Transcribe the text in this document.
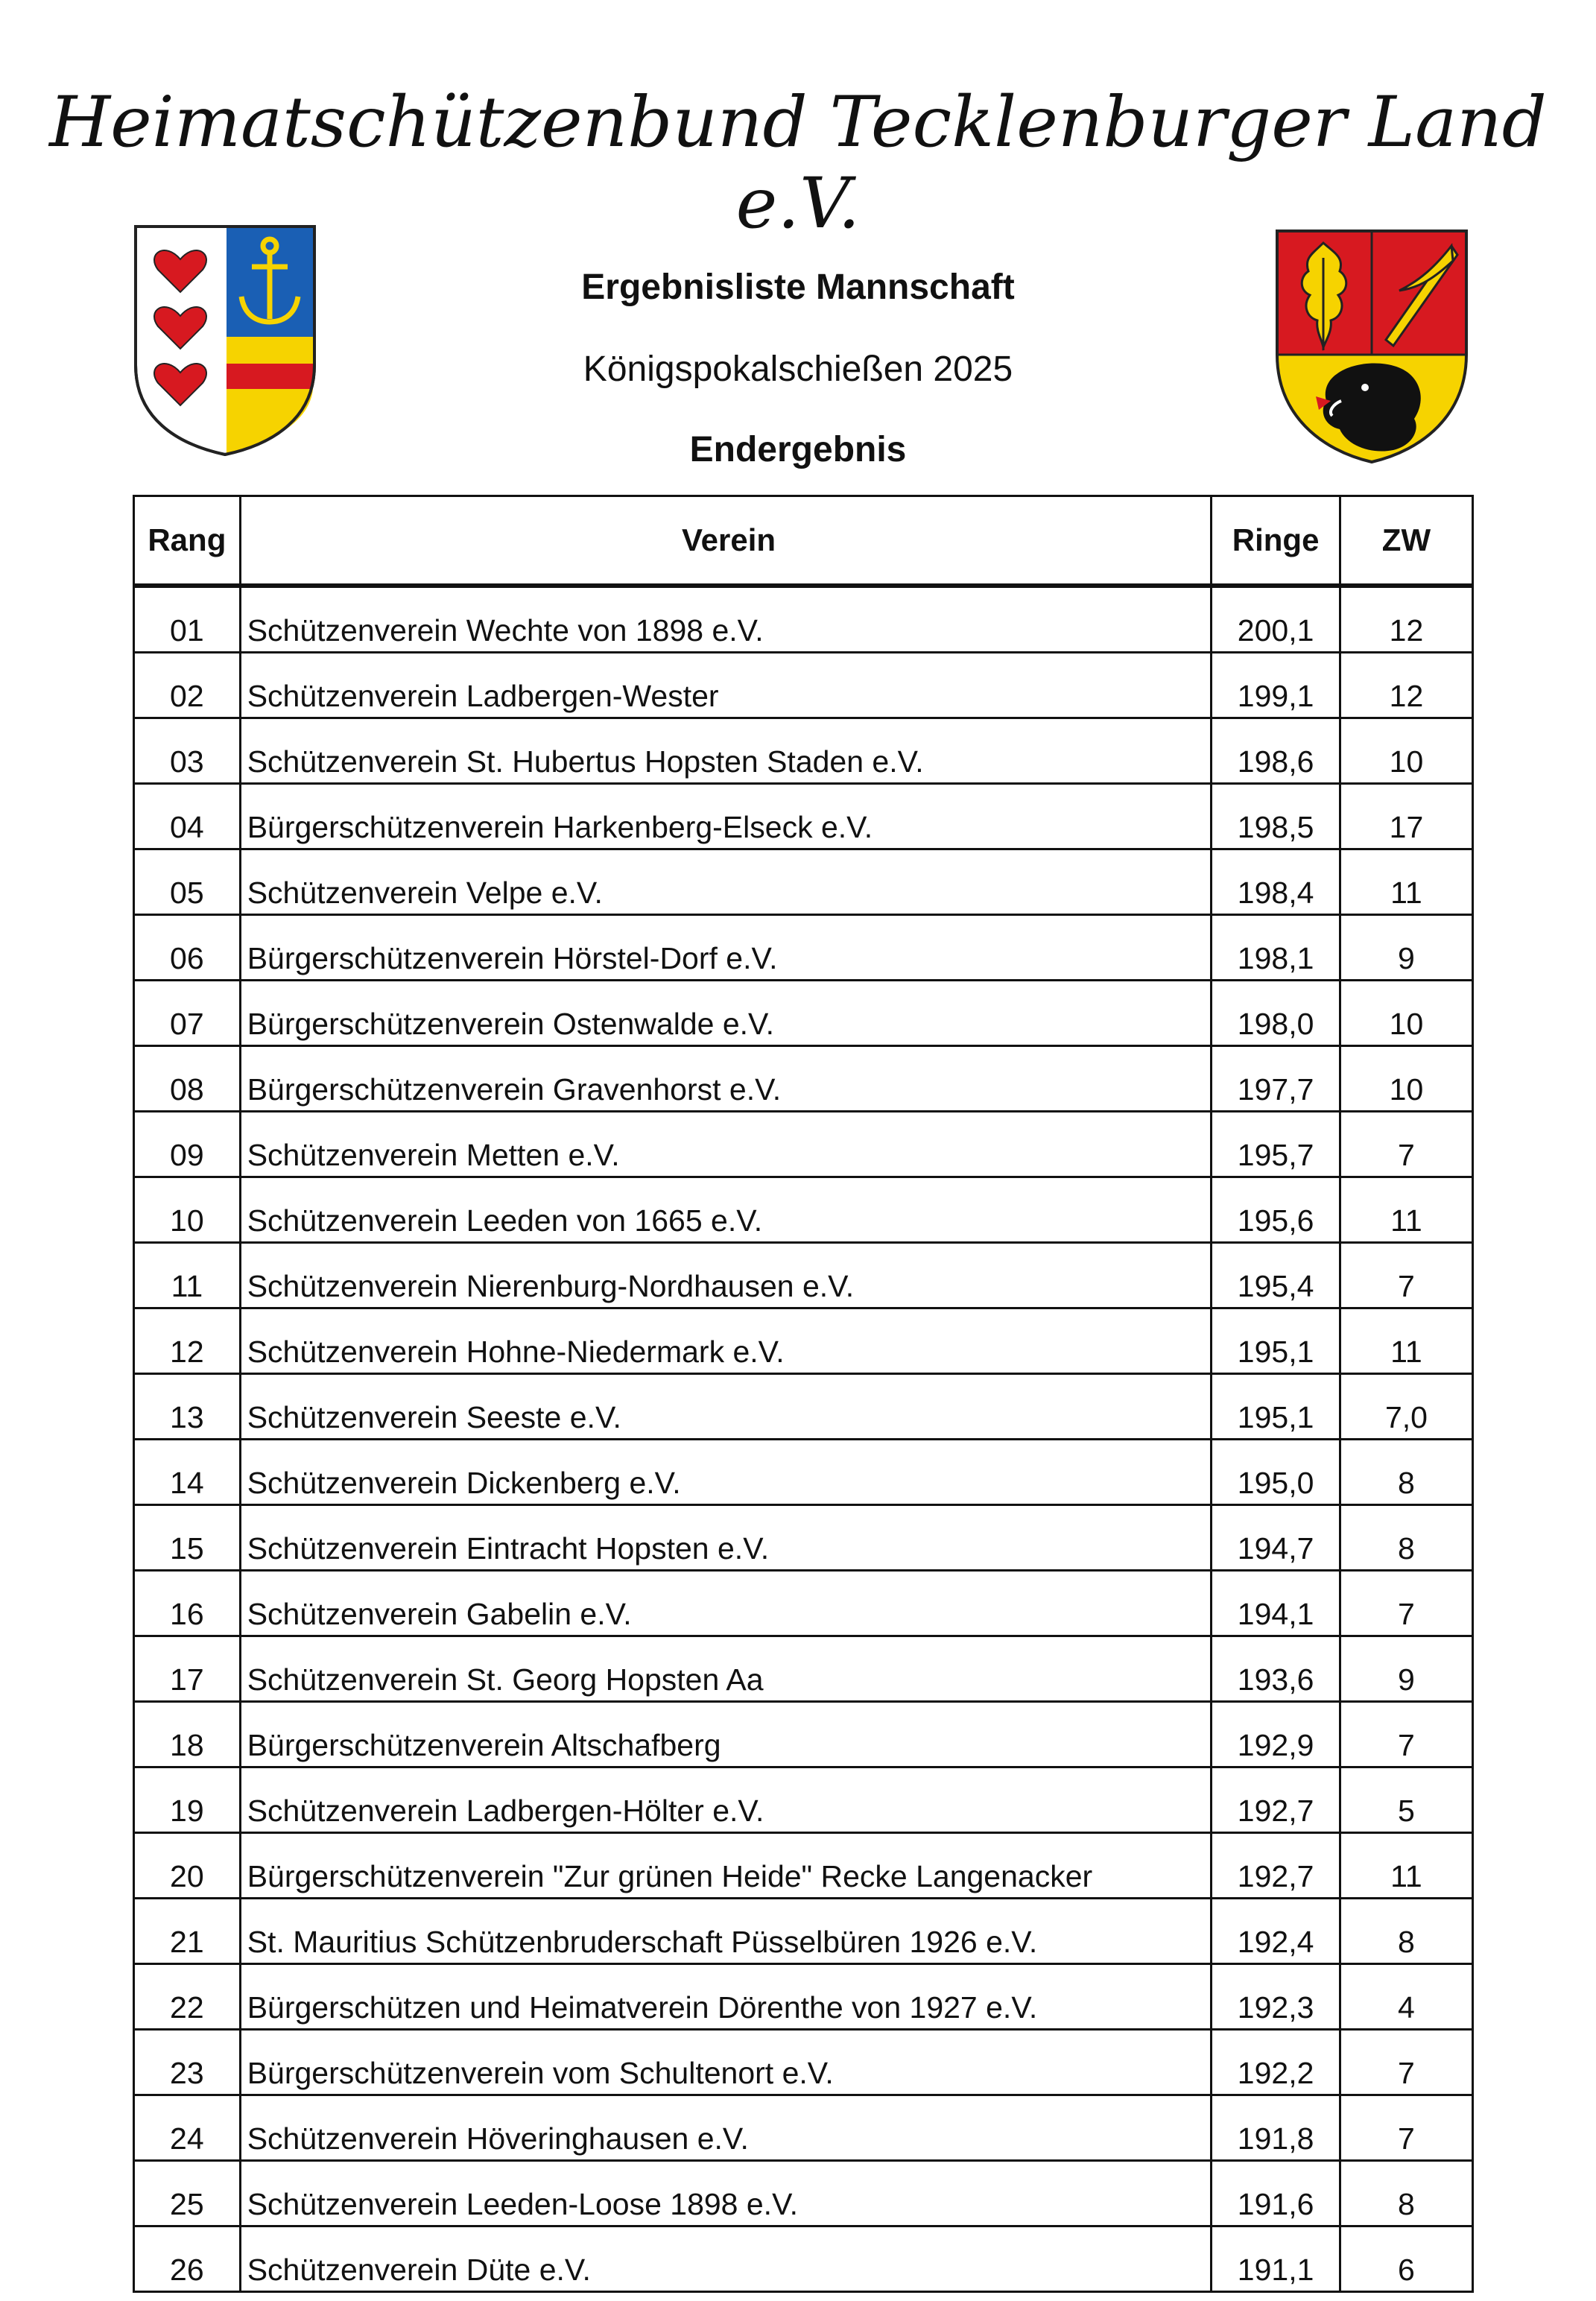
Heimatschützenbund Tecklenburger Land e.V.
Ergebnisliste Mannschaft
Königspokalschießen 2025
Endergebnis
Rang	Verein	Ringe	ZW
01	Schützenverein Wechte von 1898 e.V.	200,1	12
02	Schützenverein Ladbergen-Wester	199,1	12
03	Schützenverein St. Hubertus Hopsten Staden e.V.	198,6	10
04	Bürgerschützenverein Harkenberg-Elseck e.V.	198,5	17
05	Schützenverein Velpe e.V.	198,4	11
06	Bürgerschützenverein Hörstel-Dorf e.V.	198,1	9
07	Bürgerschützenverein Ostenwalde e.V.	198,0	10
08	Bürgerschützenverein Gravenhorst e.V.	197,7	10
09	Schützenverein Metten e.V.	195,7	7
10	Schützenverein Leeden von 1665 e.V.	195,6	11
11	Schützenverein Nierenburg-Nordhausen e.V.	195,4	7
12	Schützenverein Hohne-Niedermark e.V.	195,1	11
13	Schützenverein Seeste e.V.	195,1	7,0
14	Schützenverein Dickenberg e.V.	195,0	8
15	Schützenverein Eintracht Hopsten e.V.	194,7	8
16	Schützenverein Gabelin e.V.	194,1	7
17	Schützenverein St. Georg Hopsten Aa	193,6	9
18	Bürgerschützenverein Altschafberg	192,9	7
19	Schützenverein Ladbergen-Hölter e.V.	192,7	5
20	Bürgerschützenverein "Zur grünen Heide" Recke Langenacker	192,7	11
21	St. Mauritius Schützenbruderschaft Püsselbüren 1926 e.V.	192,4	8
22	Bürgerschützen und Heimatverein Dörenthe von 1927 e.V.	192,3	4
23	Bürgerschützenverein vom Schultenort e.V.	192,2	7
24	Schützenverein Höveringhausen e.V.	191,8	7
25	Schützenverein Leeden-Loose 1898 e.V.	191,6	8
26	Schützenverein Düte e.V.	191,1	6
